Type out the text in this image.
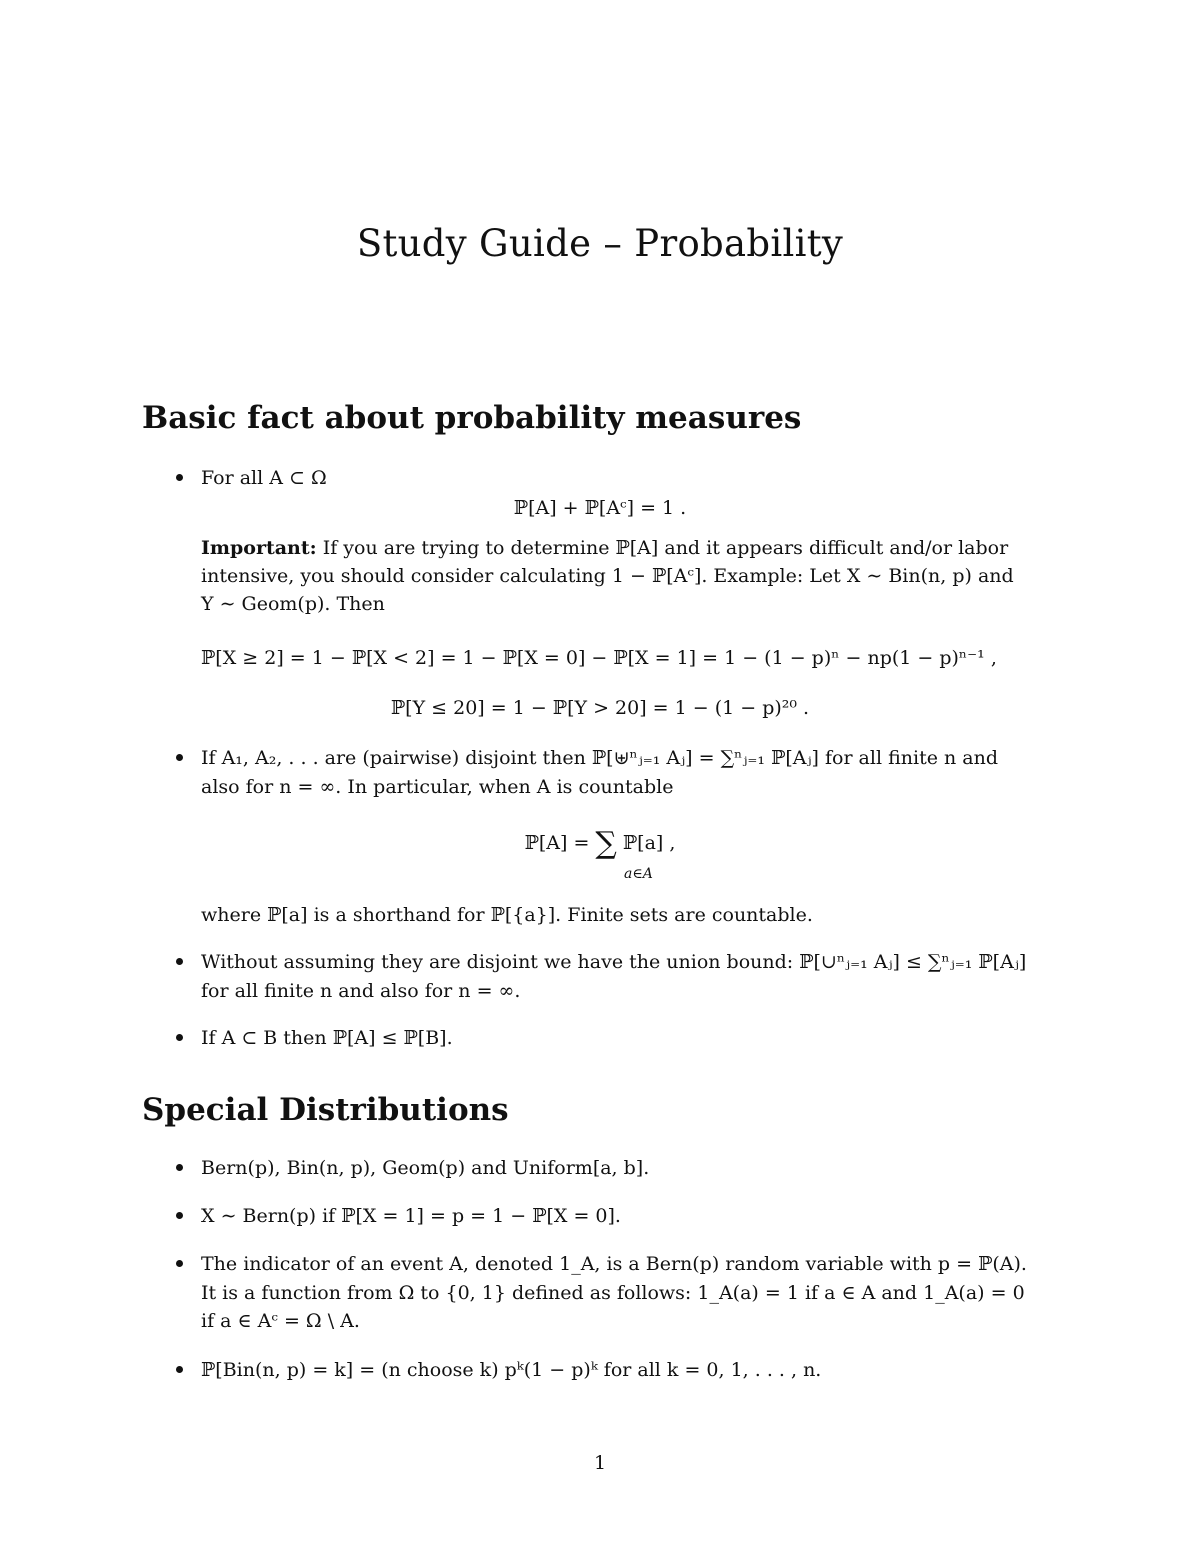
Study Guide – Probability
Basic fact about probability measures
For all A ⊂ Ω
ℙ[A] + ℙ[Aᶜ] = 1 .
Important: If you are trying to determine ℙ[A] and it appears difficult and/or labor
intensive, you should consider calculating 1 − ℙ[Aᶜ]. Example: Let X ∼ Bin(n, p) and
Y ∼ Geom(p). Then
ℙ[X ≥ 2] = 1 − ℙ[X < 2] = 1 − ℙ[X = 0] − ℙ[X = 1] = 1 − (1 − p)ⁿ − np(1 − p)ⁿ⁻¹ ,
ℙ[Y ≤ 20] = 1 − ℙ[Y > 20] = 1 − (1 − p)²⁰ .
If A₁, A₂, . . . are (pairwise) disjoint then ℙ[⊎ⁿⱼ₌₁ Aⱼ] = ∑ⁿⱼ₌₁ ℙ[Aⱼ] for all finite n and
also for n = ∞. In particular, when A is countable
ℙ[A] = ∑ ℙ[a] ,
a∈A
where ℙ[a] is a shorthand for ℙ[{a}]. Finite sets are countable.
Without assuming they are disjoint we have the union bound: ℙ[∪ⁿⱼ₌₁ Aⱼ] ≤ ∑ⁿⱼ₌₁ ℙ[Aⱼ]
for all finite n and also for n = ∞.
If A ⊂ B then ℙ[A] ≤ ℙ[B].
Special Distributions
Bern(p), Bin(n, p), Geom(p) and Uniform[a, b].
X ∼ Bern(p) if ℙ[X = 1] = p = 1 − ℙ[X = 0].
The indicator of an event A, denoted 1_A, is a Bern(p) random variable with p = ℙ(A).
It is a function from Ω to {0, 1} defined as follows: 1_A(a) = 1 if a ∈ A and 1_A(a) = 0
if a ∈ Aᶜ = Ω \ A.
ℙ[Bin(n, p) = k] = (n choose k) pᵏ(1 − p)ᵏ for all k = 0, 1, . . . , n.
1
